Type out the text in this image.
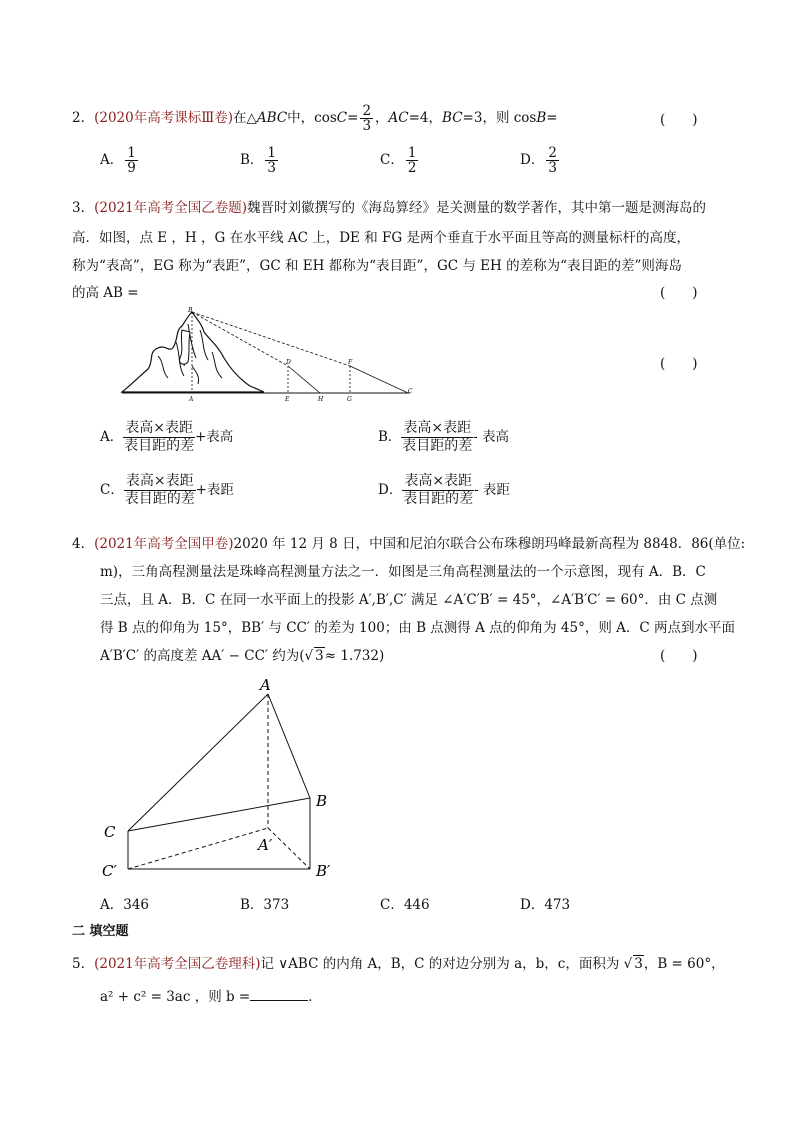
2．(2020年高考课标Ⅲ卷)在△ABC中，$\cos C= \frac{2}{3}$ ，AC=4，BC=3，则 cosB=	(　　)
A． $\frac{1}{9}$	B． $\frac{1}{3}$	C． $\frac{1}{2}$	D． $\frac{2}{3}$
3．(2021年高考全国乙卷题)魏晋时刘徽撰写的《海岛算经》是关测量的数学著作，其中第一题是测海岛的
高．如图，点 E ，H ，G 在水平线 AC 上，DE 和 FG 是两个垂直于水平面且等高的测量标杆的高度，
称为“表高”，EG 称为“表距”，GC 和 EH 都称为“表目距”，GC 与 EH 的差称为“表目距的差”则海岛
的高 AB =	(　　)
(　　)
B
A
D	F
E	H	G
C
A．
表高×表距
表目距的差
+表高	B．
表高×表距
表目距的差
- 表高
C．
表高×表距
表目距的差
+表距	D．
表高×表距
表目距的差
- 表距
4．(2021年高考全国甲卷)2020 年 12 月 8 日，中国和尼泊尔联合公布珠穆朗玛峰最新高程为 8848．86(单位:
m)，三角高程测量法是珠峰高程测量方法之一．如图是三角高程测量法的一个示意图，现有 A．B．C
三点，且 A．B．C 在同一水平面上的投影 A′,B′,C′ 满足 ∠A′C′B′ = 45°，∠A′B′C′ = 60°．由 C 点测
得 B 点的仰角为 15°，BB′ 与 CC′ 的差为 100；由 B 点测得 A 点的仰角为 45°，则 A．C 两点到水平面
A′B′C′ 的高度差 AA′ − CC′ 约为(√ 3≈ 1.732)	(　　)
A
B
C
A′
C′	B′
A．346	B．373	C．446	D．473
二 填空题
5．(2021年高考全国乙卷理科)记 ∨ABC 的内角 A，B，C 的对边分别为 a，b，c，面积为 √ 3，B = 60°，
a² + c² = 3ac ，则 b =	．
